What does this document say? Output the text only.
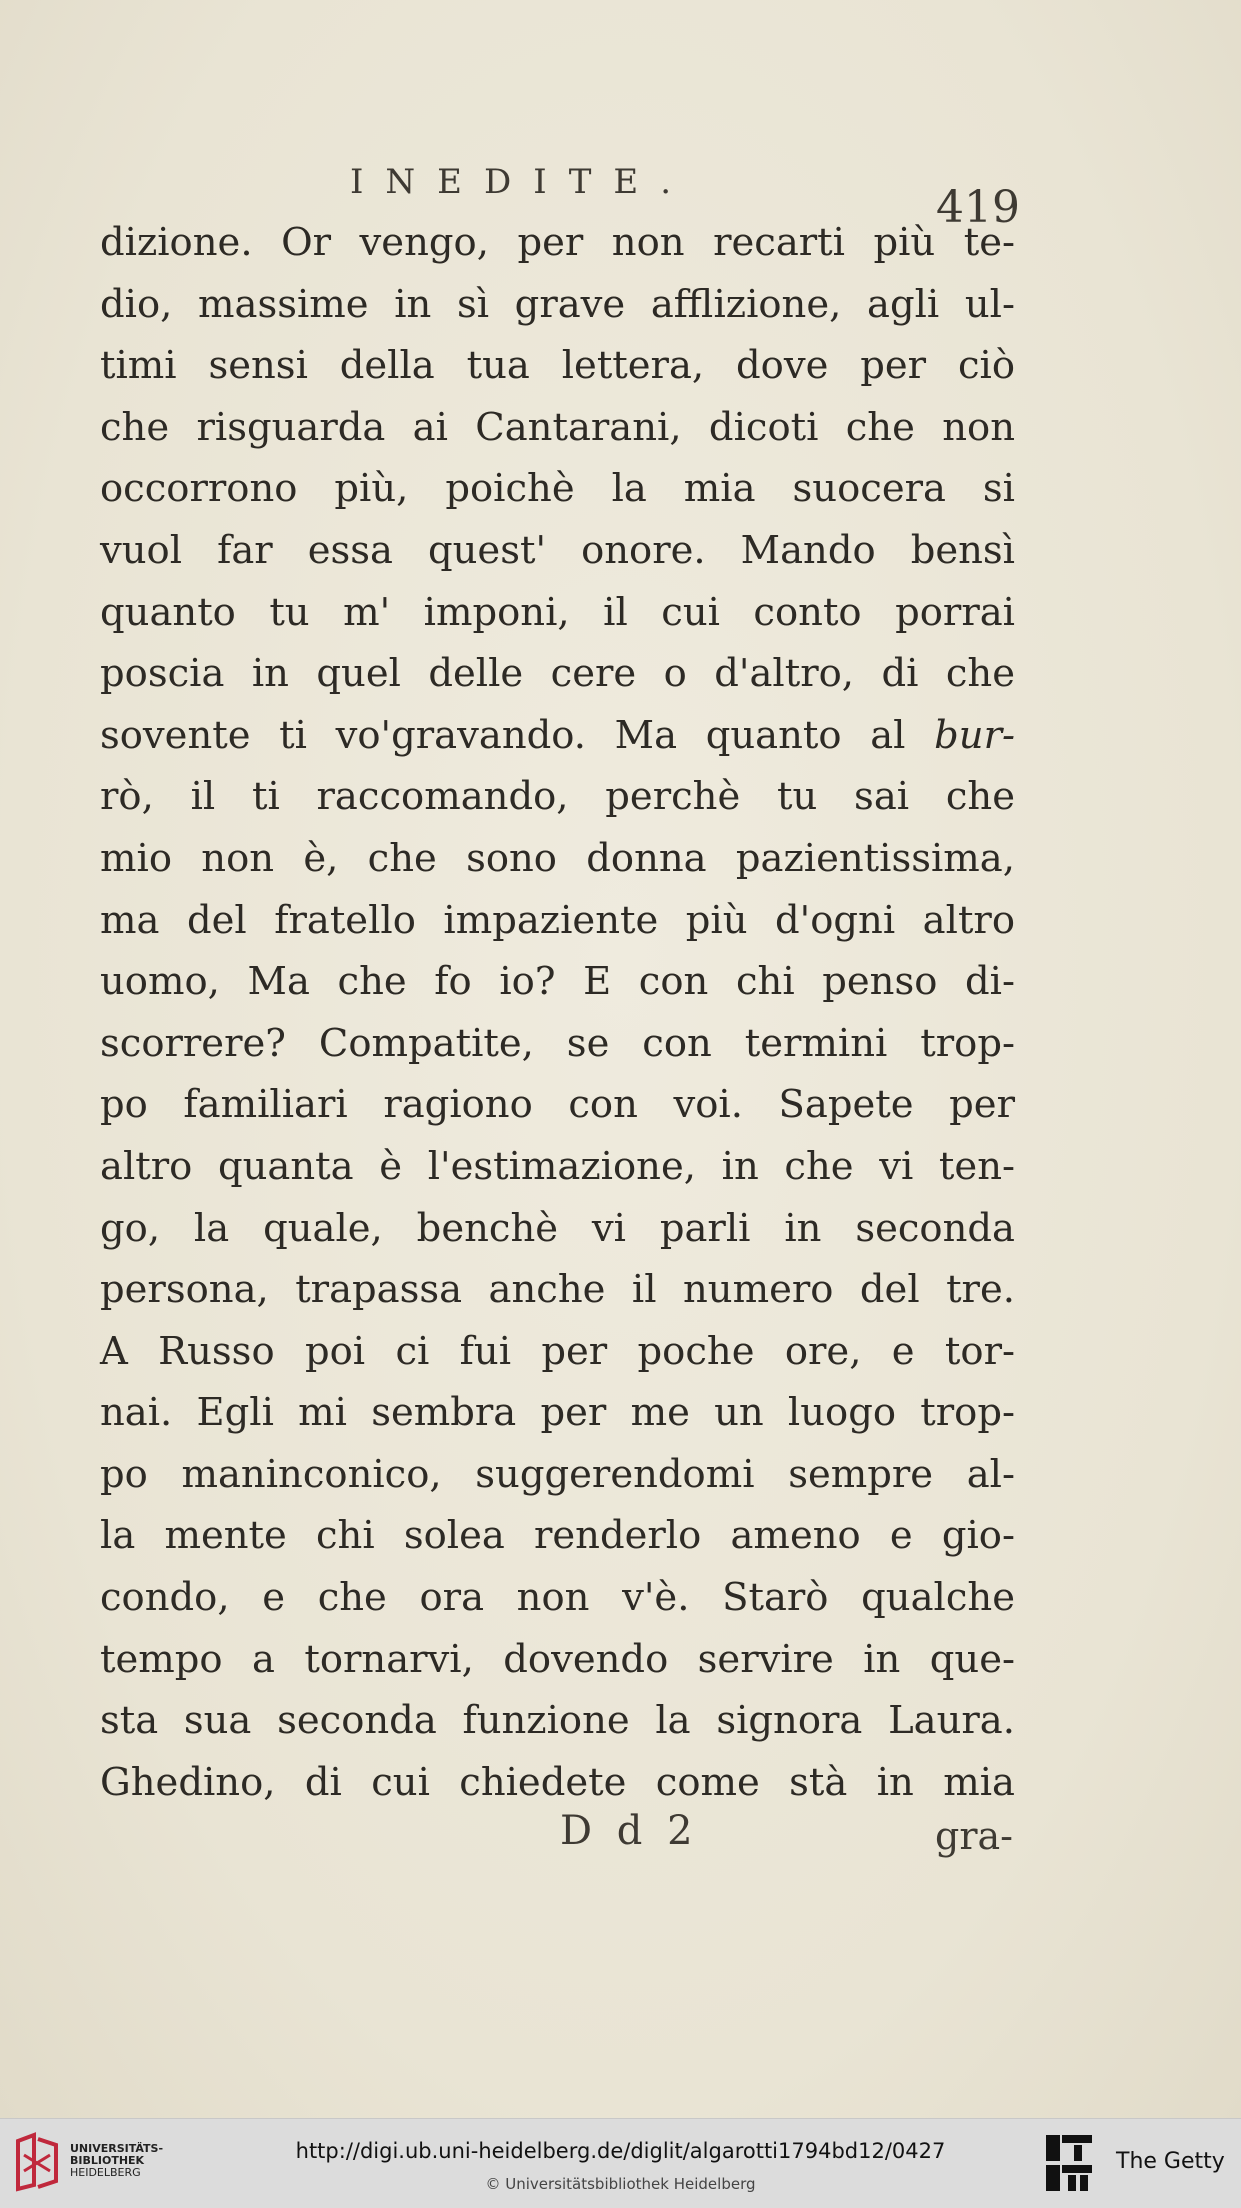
INEDITE.	419
dizione. Or vengo, per non recarti più te-
dio, massime in sì grave afflizione, agli ul-
timi sensi della tua lettera, dove per ciò
che risguarda ai Cantarani, dicoti che non
occorrono più, poichè la mia suocera si
vuol far essa quest' onore. Mando bensì
quanto tu m' imponi, il cui conto porrai
poscia in quel delle cere o d'altro, di che
sovente ti vo'gravando. Ma quanto al bur-
rò, il ti raccomando, perchè tu sai che
mio non è, che sono donna pazientissima,
ma del fratello impaziente più d'ogni altro
uomo, Ma che fo io? E con chi penso di-
scorrere? Compatite, se con termini trop-
po familiari ragiono con voi. Sapete per
altro quanta è l'estimazione, in che vi ten-
go, la quale, benchè vi parli in seconda
persona, trapassa anche il numero del tre.
A Russo poi ci fui per poche ore, e tor-
nai. Egli mi sembra per me un luogo trop-
po maninconico, suggerendomi sempre al-
la mente chi solea renderlo ameno e gio-
condo, e che ora non v'è. Starò qualche
tempo a tornarvi, dovendo servire in que-
sta sua seconda funzione la signora Laura.
Ghedino, di cui chiedete come stà in mia
D d 2	gra-
UNIVERSITÄTS-
BIBLIOTHEK
HEIDELBERG
http://digi.ub.uni-heidelberg.de/diglit/algarotti1794bd12/0427
© Universitätsbibliothek Heidelberg
The Getty
